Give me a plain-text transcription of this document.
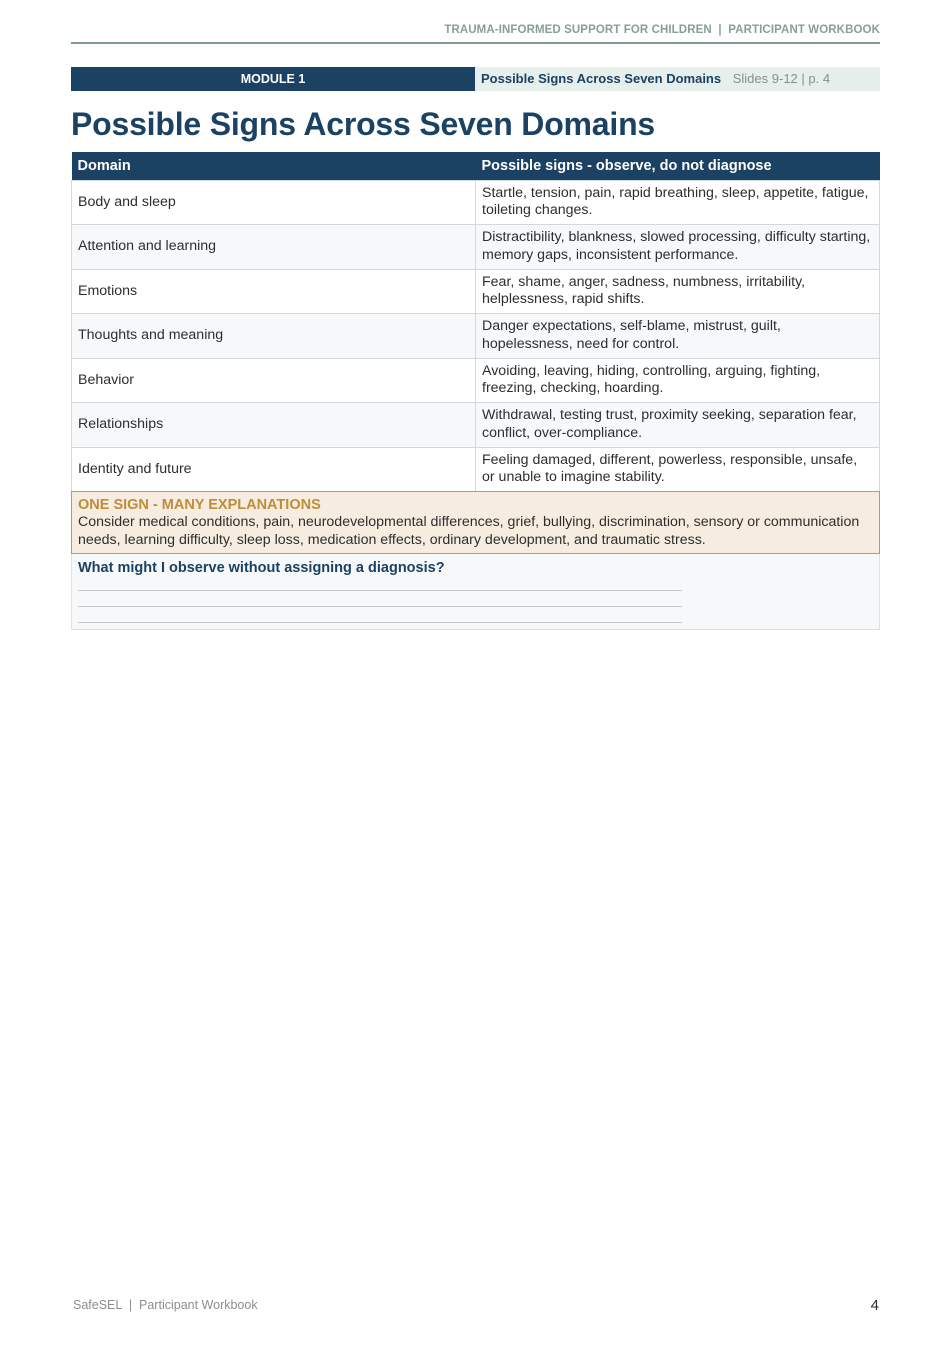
TRAUMA-INFORMED SUPPORT FOR CHILDREN  |  PARTICIPANT WORKBOOK
MODULE 1	Possible Signs Across Seven Domains Slides 9-12 | p. 4
Possible Signs Across Seven Domains
Domain	Possible signs - observe, do not diagnose
Body and sleep	Startle, tension, pain, rapid breathing, sleep, appetite, fatigue, toileting changes.
Attention and learning	Distractibility, blankness, slowed processing, difficulty starting, memory gaps, inconsistent performance.
Emotions	Fear, shame, anger, sadness, numbness, irritability, helplessness, rapid shifts.
Thoughts and meaning	Danger expectations, self-blame, mistrust, guilt, hopelessness, need for control.
Behavior	Avoiding, leaving, hiding, controlling, arguing, fighting, freezing, checking, hoarding.
Relationships	Withdrawal, testing trust, proximity seeking, separation fear, conflict, over-compliance.
Identity and future	Feeling damaged, different, powerless, responsible, unsafe, or unable to imagine stability.
ONE SIGN - MANY EXPLANATIONS
Consider medical conditions, pain, neurodevelopmental differences, grief, bullying, discrimination, sensory or communication needs, learning difficulty, sleep loss, medication effects, ordinary development, and traumatic stress.
What might I observe without assigning a diagnosis?
SafeSEL  |  Participant Workbook	4
